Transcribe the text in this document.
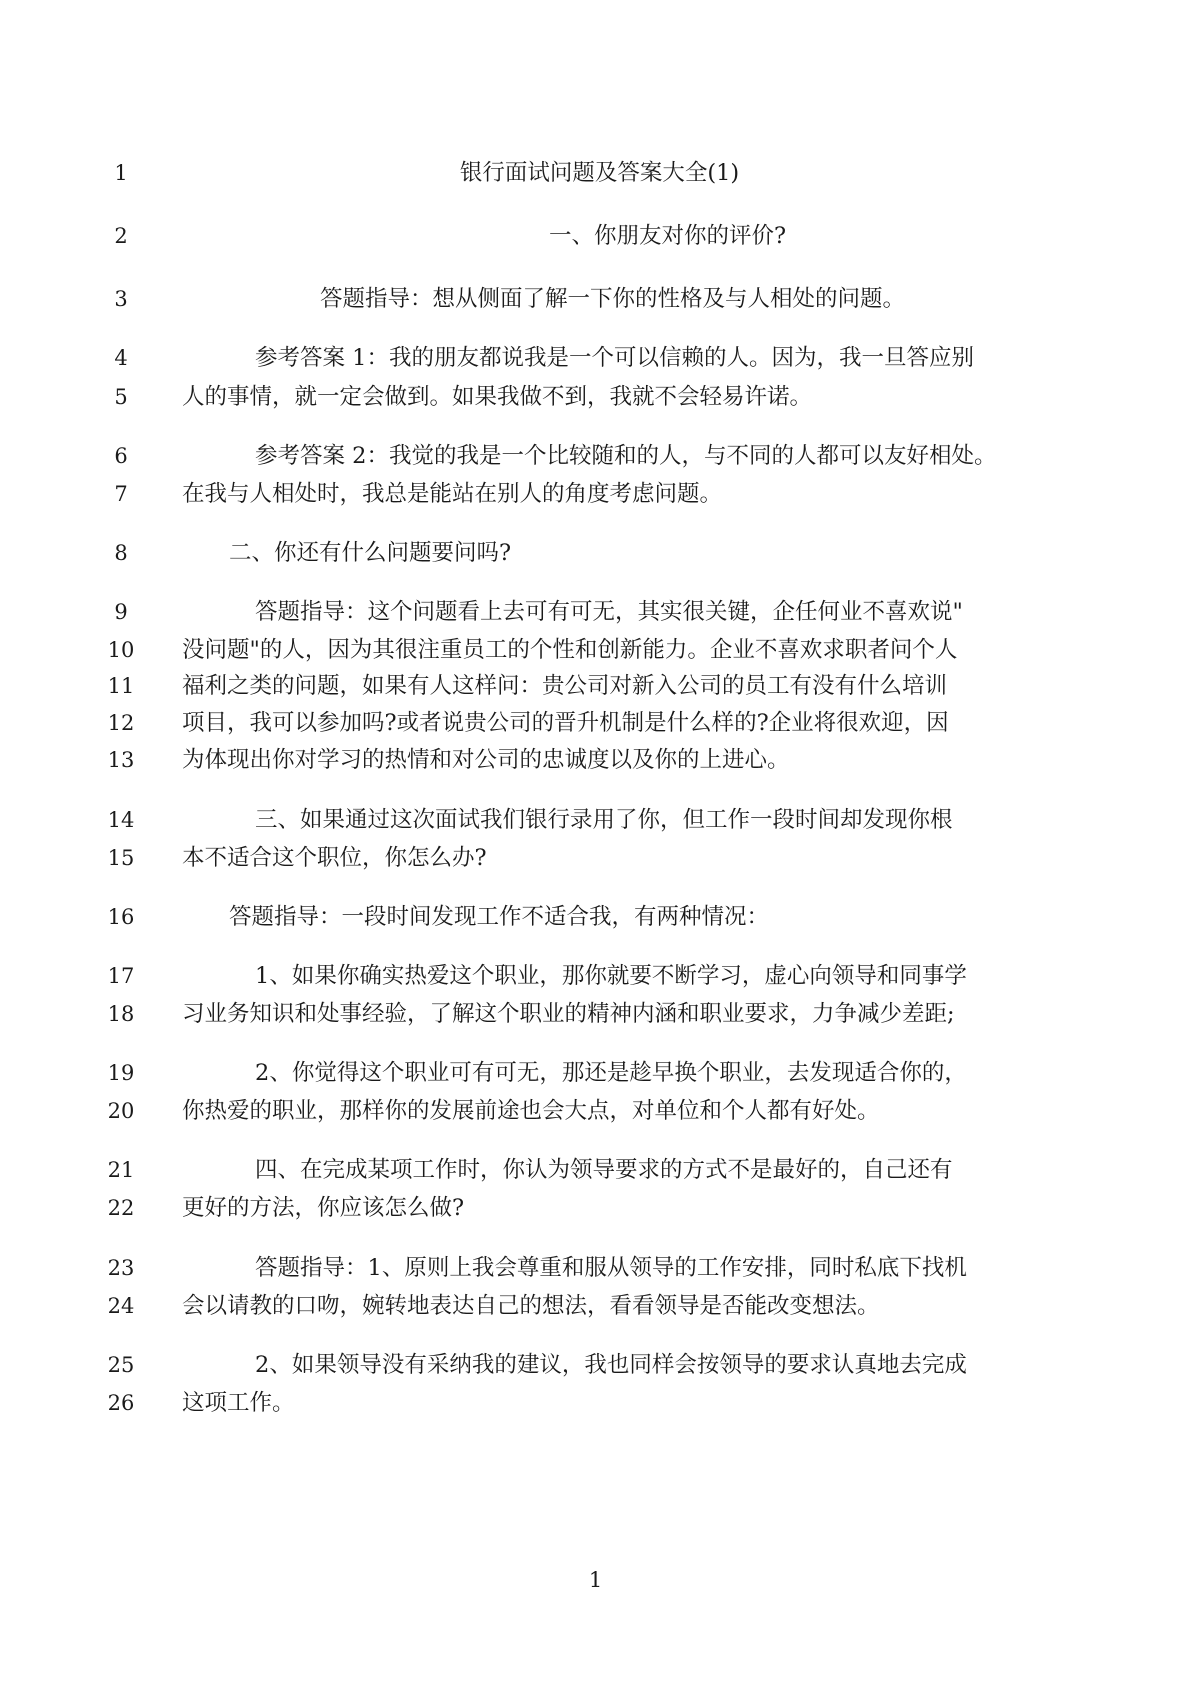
1	银行面试问题及答案大全(1)
2	一、你朋友对你的评价?
3	答题指导：想从侧面了解一下你的性格及与人相处的问题。
4	参考答案 1：我的朋友都说我是一个可以信赖的人。因为，我一旦答应别
5	人的事情，就一定会做到。如果我做不到，我就不会轻易许诺。
6	参考答案 2：我觉的我是一个比较随和的人，与不同的人都可以友好相处。
7	在我与人相处时，我总是能站在别人的角度考虑问题。
8	二、你还有什么问题要问吗?
9	答题指导：这个问题看上去可有可无，其实很关键，企任何业不喜欢说"
10	没问题"的人，因为其很注重员工的个性和创新能力。企业不喜欢求职者问个人
11	福利之类的问题，如果有人这样问：贵公司对新入公司的员工有没有什么培训
12	项目，我可以参加吗?或者说贵公司的晋升机制是什么样的?企业将很欢迎，因
13	为体现出你对学习的热情和对公司的忠诚度以及你的上进心。
14	三、如果通过这次面试我们银行录用了你，但工作一段时间却发现你根
15	本不适合这个职位，你怎么办?
16	答题指导：一段时间发现工作不适合我，有两种情况：
17	1、如果你确实热爱这个职业，那你就要不断学习，虚心向领导和同事学
18	习业务知识和处事经验，了解这个职业的精神内涵和职业要求，力争减少差距;
19	2、你觉得这个职业可有可无，那还是趁早换个职业，去发现适合你的，
20	你热爱的职业，那样你的发展前途也会大点，对单位和个人都有好处。
21	四、在完成某项工作时，你认为领导要求的方式不是最好的，自己还有
22	更好的方法，你应该怎么做?
23	答题指导：1、原则上我会尊重和服从领导的工作安排，同时私底下找机
24	会以请教的口吻，婉转地表达自己的想法，看看领导是否能改变想法。
25	2、如果领导没有采纳我的建议，我也同样会按领导的要求认真地去完成
26	这项工作。
1
